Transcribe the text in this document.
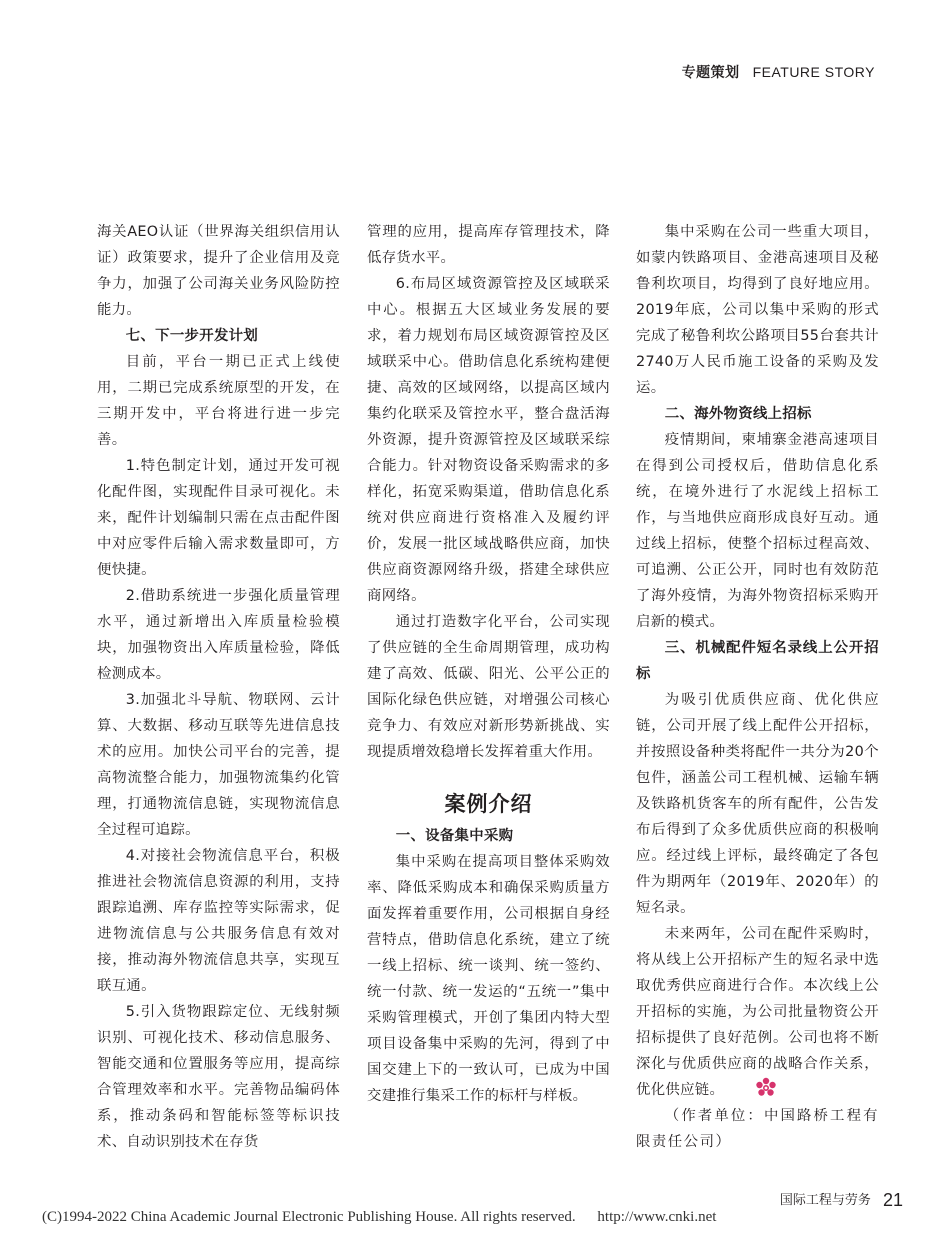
专题策划 FEATURE STORY

海关AEO认证（世界海关组织信用认证）政策要求，提升了企业信用及竞争力，加强了公司海关业务风险防控能力。

七、下一步开发计划

目前，平台一期已正式上线使用，二期已完成系统原型的开发，在三期开发中，平台将进行进一步完善。

1.特色制定计划，通过开发可视化配件图，实现配件目录可视化。未来，配件计划编制只需在点击配件图中对应零件后输入需求数量即可，方便快捷。

2.借助系统进一步强化质量管理水平，通过新增出入库质量检验模块，加强物资出入库质量检验，降低检测成本。

3.加强北斗导航、物联网、云计算、大数据、移动互联等先进信息技术的应用。加快公司平台的完善，提高物流整合能力，加强物流集约化管理，打通物流信息链，实现物流信息全过程可追踪。

4.对接社会物流信息平台，积极推进社会物流信息资源的利用，支持跟踪追溯、库存监控等实际需求，促进物流信息与公共服务信息有效对接，推动海外物流信息共享，实现互联互通。

5.引入货物跟踪定位、无线射频识别、可视化技术、移动信息服务、智能交通和位置服务等应用，提高综合管理效率和水平。完善物品编码体系，推动条码和智能标签等标识技术、自动识别技术在存货

管理的应用，提高库存管理技术，降低存货水平。

6.布局区域资源管控及区域联采中心。根据五大区域业务发展的要求，着力规划布局区域资源管控及区域联采中心。借助信息化系统构建便捷、高效的区域网络，以提高区域内集约化联采及管控水平，整合盘活海外资源，提升资源管控及区域联采综合能力。针对物资设备采购需求的多样化，拓宽采购渠道，借助信息化系统对供应商进行资格准入及履约评价，发展一批区域战略供应商，加快供应商资源网络升级，搭建全球供应商网络。

通过打造数字化平台，公司实现了供应链的全生命周期管理，成功构建了高效、低碳、阳光、公平公正的国际化绿色供应链，对增强公司核心竞争力、有效应对新形势新挑战、实现提质增效稳增长发挥着重大作用。

案例介绍
一、设备集中采购

集中采购在提高项目整体采购效率、降低采购成本和确保采购质量方面发挥着重要作用，公司根据自身经营特点，借助信息化系统，建立了统一线上招标、统一谈判、统一签约、统一付款、统一发运的“五统一”集中采购管理模式，开创了集团内特大型项目设备集中采购的先河，得到了中国交建上下的一致认可，已成为中国交建推行集采工作的标杆与样板。

集中采购在公司一些重大项目，如蒙内铁路项目、金港高速项目及秘鲁利坎项目，均得到了良好地应用。2019年底，公司以集中采购的形式完成了秘鲁利坎公路项目55台套共计2740万人民币施工设备的采购及发运。

二、海外物资线上招标

疫情期间，柬埔寨金港高速项目在得到公司授权后，借助信息化系统，在境外进行了水泥线上招标工作，与当地供应商形成良好互动。通过线上招标，使整个招标过程高效、可追溯、公正公开，同时也有效防范了海外疫情，为海外物资招标采购开启新的模式。

三、机械配件短名录线上公开招标

为吸引优质供应商、优化供应链，公司开展了线上配件公开招标，并按照设备种类将配件一共分为20个包件，涵盖公司工程机械、运输车辆及铁路机货客车的所有配件，公告发布后得到了众多优质供应商的积极响应。经过线上评标，最终确定了各包件为期两年（2019年、2020年）的短名录。

未来两年，公司在配件采购时，将从线上公开招标产生的短名录中选取优秀供应商进行合作。本次线上公开招标的实施，为公司批量物资公开招标提供了良好范例。公司也将不断深化与优质供应商的战略合作关系，优化供应链。

（作者单位：中国路桥工程有限责任公司）

国际工程与劳务 21
(C)1994-2022 China Academic Journal Electronic Publishing House. All rights reserved. http://www.cnki.net
